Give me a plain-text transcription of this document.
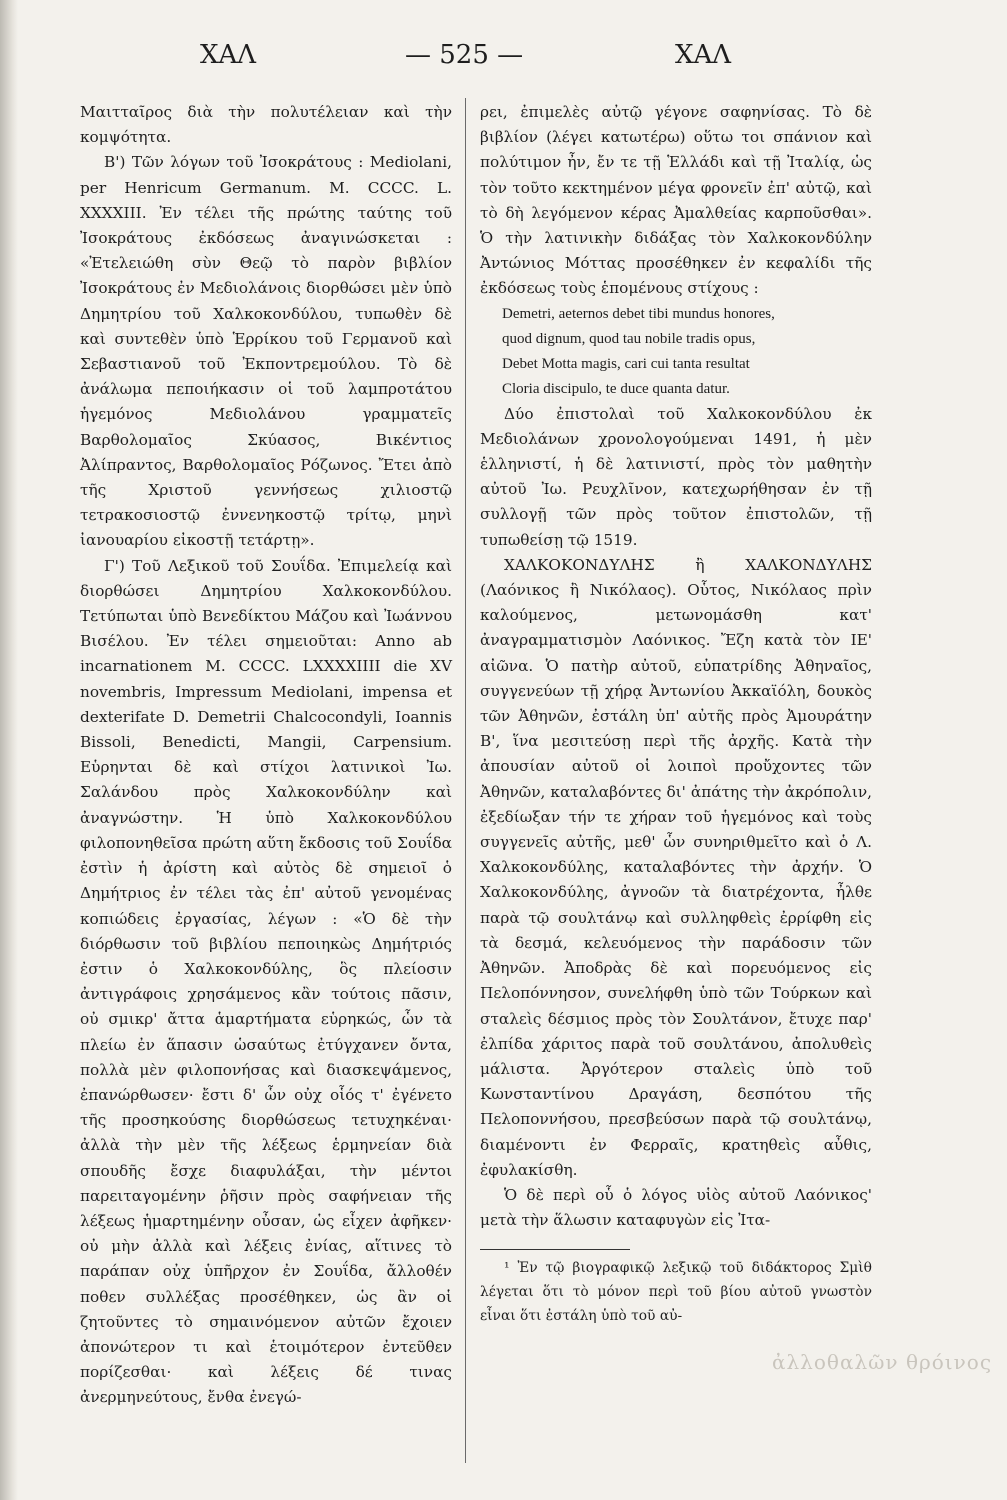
ΧΑΛ	— 525 —	ΧΑΛ

Μαιτταῖρος διὰ τὴν πολυτέλειαν καὶ τὴν κομψότητα.

B') Τῶν λόγων τοῦ Ἰσοκράτους : Mediolani, per Henricum Germanum. M. CCCC. L. XXXXIII. Ἐν τέλει τῆς πρώτης ταύτης τοῦ Ἰσοκράτους ἐκδόσεως ἀναγινώσκεται : «Ἐτελειώθη σὺν Θεῷ τὸ παρὸν βιβλίον Ἰσοκράτους ἐν Μεδιολάνοις διορθώσει μὲν ὑπὸ Δημητρίου τοῦ Χαλκοκονδύλου, τυπωθὲν δὲ καὶ συντεθὲν ὑπὸ Ἑρρίκου τοῦ Γερμανοῦ καὶ Σεβαστιανοῦ τοῦ Ἐκποντρεμούλου. Τὸ δὲ ἀνάλωμα πεποιήκασιν οἱ τοῦ λαμπροτάτου ἡγεμόνος Μεδιολάνου γραμματεῖς Βαρθολομαῖος Σκύασος, Βικέντιος Ἀλίπραντος, Βαρθολομαῖος Ρόζωνος. Ἔτει ἀπὸ τῆς Χριστοῦ γεννήσεως χιλιοστῷ τετρακοσιοστῷ ἐννενηκοστῷ τρίτῳ, μηνὶ ἰανουαρίου εἰκοστῇ τετάρτῃ».

Γ') Τοῦ Λεξικοῦ τοῦ Σουΐδα. Ἐπιμελείᾳ καὶ διορθώσει Δημητρίου Χαλκοκονδύλου. Τετύπωται ὑπὸ Βενεδίκτου Μάζου καὶ Ἰωάννου Βισέλου. Ἐν τέλει σημειοῦται: Anno ab incarnationem M. CCCC. LXXXXIIII die XV novembris, Impressum Mediolani, impensa et dexterifate D. Demetrii Chalcocondyli, Ioannis Bissoli, Benedicti, Mangii, Carpensium. Εὑρηνται δὲ καὶ στίχοι λατινικοὶ Ἰω. Σαλάνδου πρὸς Χαλκοκονδύλην καὶ ἀναγνώστην. Ἡ ὑπὸ Χαλκοκονδύλου φιλοπονηθεῖσα πρώτη αὕτη ἔκδοσις τοῦ Σουΐδα ἐστὶν ἡ ἀρίστη καὶ αὐτὸς δὲ σημειοῖ ὁ Δημήτριος ἐν τέλει τὰς ἐπ' αὐτοῦ γενομένας κοπιώδεις ἐργασίας, λέγων : «Ὁ δὲ τὴν διόρθωσιν τοῦ βιβλίου πεποιηκὼς Δημήτριός ἐστιν ὁ Χαλκοκονδύλης, ὃς πλείοσιν ἀντιγράφοις χρησάμενος κἂν τούτοις πᾶσιν, οὐ σμικρ' ἄττα ἁμαρτήματα εὑρηκώς, ὧν τὰ πλείω ἐν ἅπασιν ὡσαύτως ἐτύγχανεν ὄντα, πολλὰ μὲν φιλοπονήσας καὶ διασκεψάμενος, ἐπανώρθωσεν· ἔστι δ' ὧν οὐχ οἷός τ' ἐγένετο τῆς προσηκούσης διορθώσεως τετυχηκέναι· ἀλλὰ τὴν μὲν τῆς λέξεως ἑρμηνείαν διὰ σπουδῆς ἔσχε διαφυλάξαι, τὴν μέντοι παρειταγομένην ῥῆσιν πρὸς σαφήνειαν τῆς λέξεως ἡμαρτημένην οὖσαν, ὡς εἶχεν ἀφῆκεν· οὐ μὴν ἀλλὰ καὶ λέξεις ἐνίας, αἵτινες τὸ παράπαν οὐχ ὑπῆρχον ἐν Σουΐδα, ἄλλοθέν ποθεν συλλέξας προσέθηκεν, ὡς ἂν οἱ ζητοῦντες τὸ σημαινόμενον αὐτῶν ἔχοιεν ἀπονώτερον τι καὶ ἑτοιμότερον ἐντεῦθεν πορίζεσθαι· καὶ λέξεις δέ τινας ἀνερμηνεύτους, ἔνθα ἐνεγώ-

ρει, ἐπιμελὲς αὐτῷ γέγονε σαφηνίσας. Τὸ δὲ βιβλίον (λέγει κατωτέρω) οὕτω τοι σπάνιον καὶ πολύτιμον ἦν, ἔν τε τῇ Ἑλλάδι καὶ τῇ Ἰταλίᾳ, ὡς τὸν τοῦτο κεκτημένον μέγα φρονεῖν ἐπ' αὐτῷ, καὶ τὸ δὴ λεγόμενον κέρας Ἀμαλθείας καρποῦσθαι». Ὁ τὴν λατινικὴν διδάξας τὸν Χαλκοκονδύλην Ἀντώνιος Μόττας προσέθηκεν ἐν κεφαλίδι τῆς ἐκδόσεως τοὺς ἑπομένους στίχους :

Demetri, aeternos debet tibi mundus honores,
quod dignum, quod tau nobile tradis opus,
Debet Motta magis, cari cui tanta resultat
Cloria discipulo, te duce quanta datur.

Δύο ἐπιστολαὶ τοῦ Χαλκοκονδύλου ἐκ Μεδιολάνων χρονολογούμεναι 1491, ἡ μὲν ἑλληνιστί, ἡ δὲ λατινιστί, πρὸς τὸν μαθητὴν αὐτοῦ Ἰω. Ρευχλῖνον, κατεχωρήθησαν ἐν τῇ συλλογῇ τῶν πρὸς τοῦτον ἐπιστολῶν, τῇ τυπωθείσῃ τῷ 1519.

ΧΑΛΚΟΚΟΝΔΥΛΗΣ ἢ ΧΑΛΚΟΝΔΥΛΗΣ (Λαόνικος ἢ Νικόλαος). Οὗτος, Νικόλαος πρὶν καλούμενος, μετωνομάσθη κατ' ἀναγραμματισμὸν Λαόνικος. Ἔζη κατὰ τὸν ΙΕ' αἰῶνα. Ὁ πατὴρ αὐτοῦ, εὐπατρίδης Ἀθηναῖος, συγγενεύων τῇ χήρᾳ Ἀντωνίου Ἀκκαϊόλη, δουκὸς τῶν Ἀθηνῶν, ἐστάλη ὑπ' αὐτῆς πρὸς Ἀμουράτην Β', ἵνα μεσιτεύσῃ περὶ τῆς ἀρχῆς. Κατὰ τὴν ἀπουσίαν αὐτοῦ οἱ λοιποὶ προὔχοντες τῶν Ἀθηνῶν, καταλαβόντες δι' ἀπάτης τὴν ἀκρόπολιν, ἐξεδίωξαν τήν τε χήραν τοῦ ἡγεμόνος καὶ τοὺς συγγενεῖς αὐτῆς, μεθ' ὧν συνηριθμεῖτο καὶ ὁ Λ. Χαλκοκονδύλης, καταλαβόντες τὴν ἀρχήν. Ὁ Χαλκοκονδύλης, ἀγνοῶν τὰ διατρέχοντα, ἦλθε παρὰ τῷ σουλτάνῳ καὶ συλληφθεὶς ἐρρίφθη εἰς τὰ δεσμά, κελευόμενος τὴν παράδοσιν τῶν Ἀθηνῶν. Ἀποδρὰς δὲ καὶ πορευόμενος εἰς Πελοπόννησον, συνελήφθη ὑπὸ τῶν Τούρκων καὶ σταλεὶς δέσμιος πρὸς τὸν Σουλτάνον, ἔτυχε παρ' ἐλπίδα χάριτος παρὰ τοῦ σουλτάνου, ἀπολυθεὶς μάλιστα. Ἀργότερον σταλεὶς ὑπὸ τοῦ Κωνσταντίνου Δραγάση, δεσπότου τῆς Πελοποννήσου, πρεσβεύσων παρὰ τῷ σουλτάνῳ, διαμένοντι ἐν Φερραῖς, κρατηθεὶς αὖθις, ἐφυλακίσθη.

Ὁ δὲ περὶ οὗ ὁ λόγος υἱὸς αὐτοῦ Λαόνικος' μετὰ τὴν ἅλωσιν καταφυγὼν εἰς Ἰτα-

¹ Ἐν τῷ βιογραφικῷ λεξικῷ τοῦ διδάκτορος Σμὶθ λέγεται ὅτι τὸ μόνον περὶ τοῦ βίου αὐτοῦ γνωστὸν εἶναι ὅτι ἐστάλη ὑπὸ τοῦ αὐ-

ἀλλοθαλῶν θρόινος
